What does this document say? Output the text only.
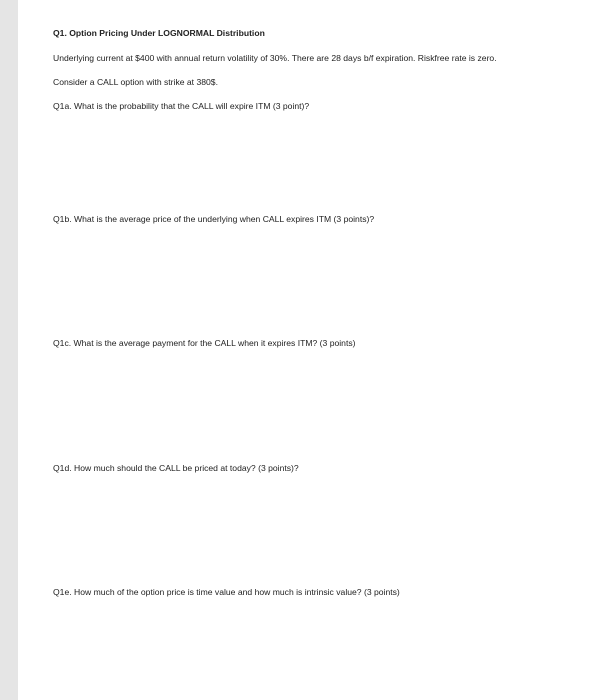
Q1. Option Pricing Under LOGNORMAL Distribution
Underlying current at $400 with annual return volatility of 30%. There are 28 days b/f expiration. Riskfree rate is zero.
Consider a CALL option with strike at 380$.
Q1a. What is the probability that the CALL will expire ITM (3 point)?
Q1b. What is the average price of the underlying when CALL expires ITM (3 points)?
Q1c. What is the average payment for the CALL when it expires ITM? (3 points)
Q1d. How much should the CALL be priced at today? (3 points)?
Q1e. How much of the option price is time value and how much is intrinsic value? (3 points)
